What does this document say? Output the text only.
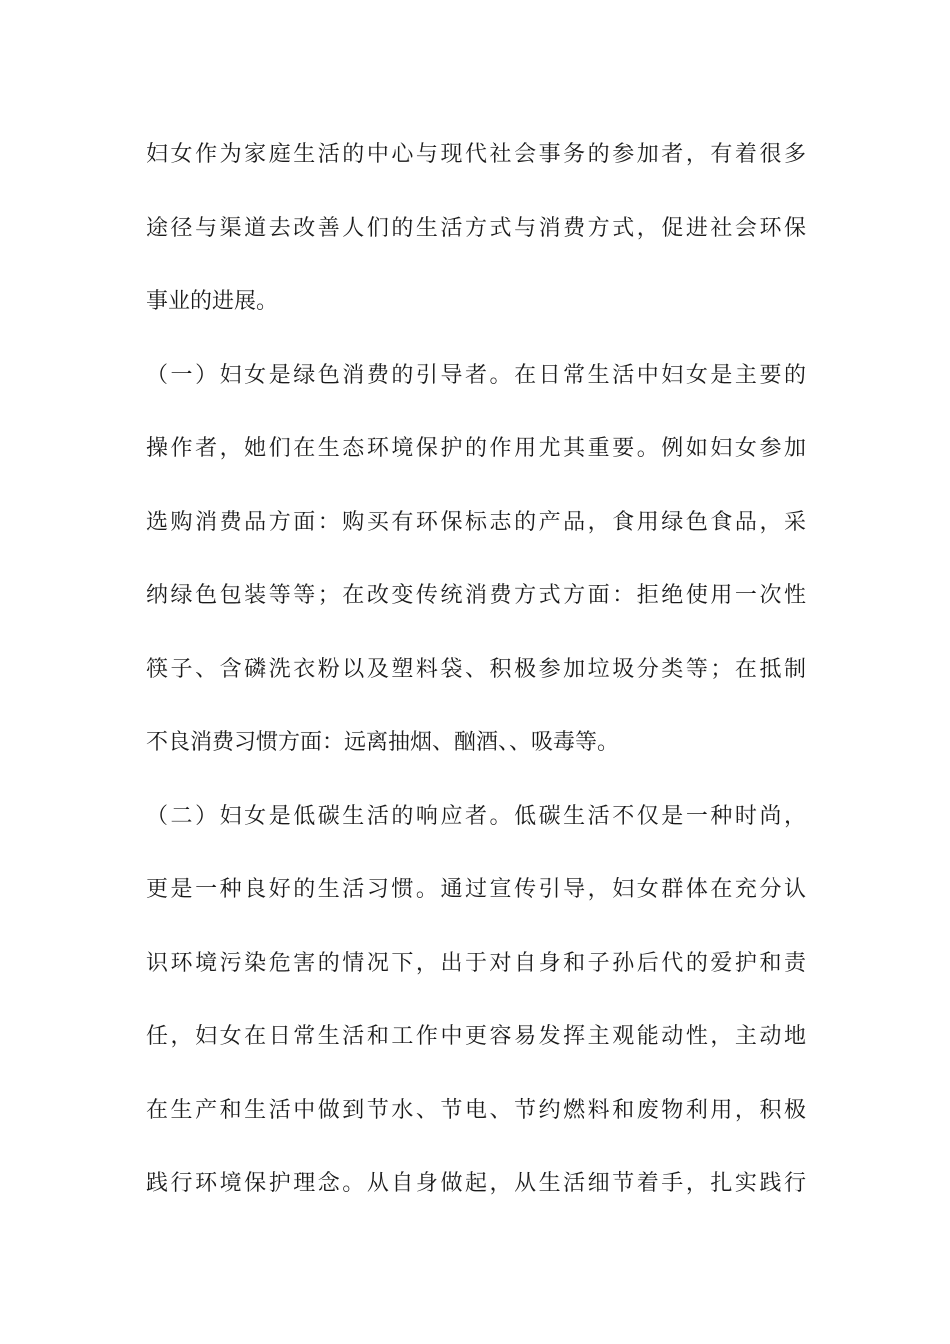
妇女作为家庭生活的中心与现代社会事务的参加者，有着很多
途径与渠道去改善人们的生活方式与消费方式，促进社会环保
事业的进展。
（一）妇女是绿色消费的引导者。在日常生活中妇女是主要的
操作者，她们在生态环境保护的作用尤其重要。例如妇女参加
选购消费品方面：购买有环保标志的产品，食用绿色食品，采
纳绿色包装等等；在改变传统消费方式方面：拒绝使用一次性
筷子、含磷洗衣粉以及塑料袋、积极参加垃圾分类等；在抵制
不良消费习惯方面：远离抽烟、酗酒、、吸毒等。
（二）妇女是低碳生活的响应者。低碳生活不仅是一种时尚，
更是一种良好的生活习惯。通过宣传引导，妇女群体在充分认
识环境污染危害的情况下，出于对自身和子孙后代的爱护和责
任，妇女在日常生活和工作中更容易发挥主观能动性，主动地
在生产和生活中做到节水、节电、节约燃料和废物利用，积极
践行环境保护理念。从自身做起，从生活细节着手，扎实践行
